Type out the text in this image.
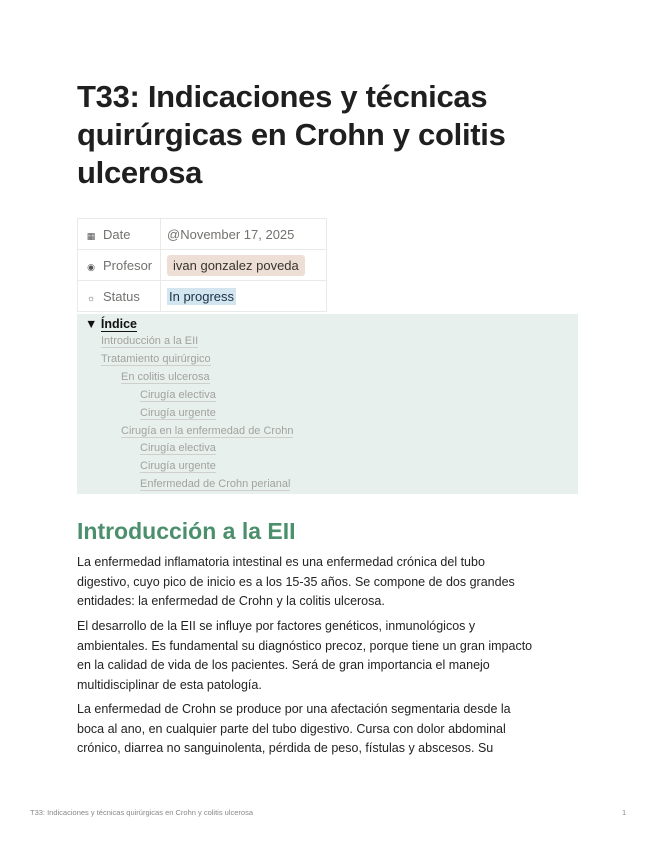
T33: Indicaciones y técnicas
quirúrgicas en Crohn y colitis
ulcerosa
▦ Date	@November 17, 2025
◉ Profesor	ivan gonzalez poveda
☼ Status	In progress
▼ Índice
Introducción a la EII
Tratamiento quirúrgico
En colitis ulcerosa
Cirugía electiva
Cirugía urgente
Cirugía en la enfermedad de Crohn
Cirugía electiva
Cirugía urgente
Enfermedad de Crohn perianal
Introducción a la EII
La enfermedad inflamatoria intestinal es una enfermedad crónica del tubo
digestivo, cuyo pico de inicio es a los 15-35 años. Se compone de dos grandes
entidades: la enfermedad de Crohn y la colitis ulcerosa.
El desarrollo de la EII se influye por factores genéticos, inmunológicos y
ambientales. Es fundamental su diagnóstico precoz, porque tiene un gran impacto
en la calidad de vida de los pacientes. Será de gran importancia el manejo
multidisciplinar de esta patología.
La enfermedad de Crohn se produce por una afectación segmentaria desde la
boca al ano, en cualquier parte del tubo digestivo. Cursa con dolor abdominal
crónico, diarrea no sanguinolenta, pérdida de peso, fístulas y abscesos. Su
T33: Indicaciones y técnicas quirúrgicas en Crohn y colitis ulcerosa	1
